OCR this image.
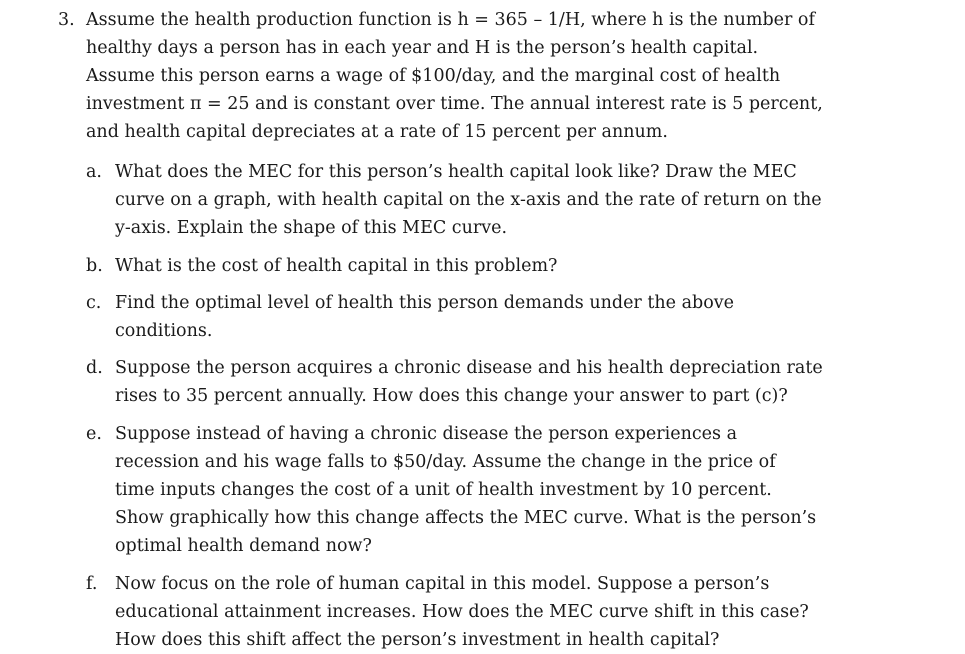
3. Assume the health production function is h = 365 – 1/H, where h is the number of
healthy days a person has in each year and H is the person’s health capital.
Assume this person earns a wage of $100/day, and the marginal cost of health
investment π = 25 and is constant over time. The annual interest rate is 5 percent,
and health capital depreciates at a rate of 15 percent per annum.
a. What does the MEC for this person’s health capital look like? Draw the MEC
curve on a graph, with health capital on the x-axis and the rate of return on the
y-axis. Explain the shape of this MEC curve.
b. What is the cost of health capital in this problem?
c. Find the optimal level of health this person demands under the above
conditions.
d. Suppose the person acquires a chronic disease and his health depreciation rate
rises to 35 percent annually. How does this change your answer to part (c)?
e. Suppose instead of having a chronic disease the person experiences a
recession and his wage falls to $50/day. Assume the change in the price of
time inputs changes the cost of a unit of health investment by 10 percent.
Show graphically how this change affects the MEC curve. What is the person’s
optimal health demand now?
f.	Now focus on the role of human capital in this model. Suppose a person’s
educational attainment increases. How does the MEC curve shift in this case?
How does this shift affect the person’s investment in health capital?
